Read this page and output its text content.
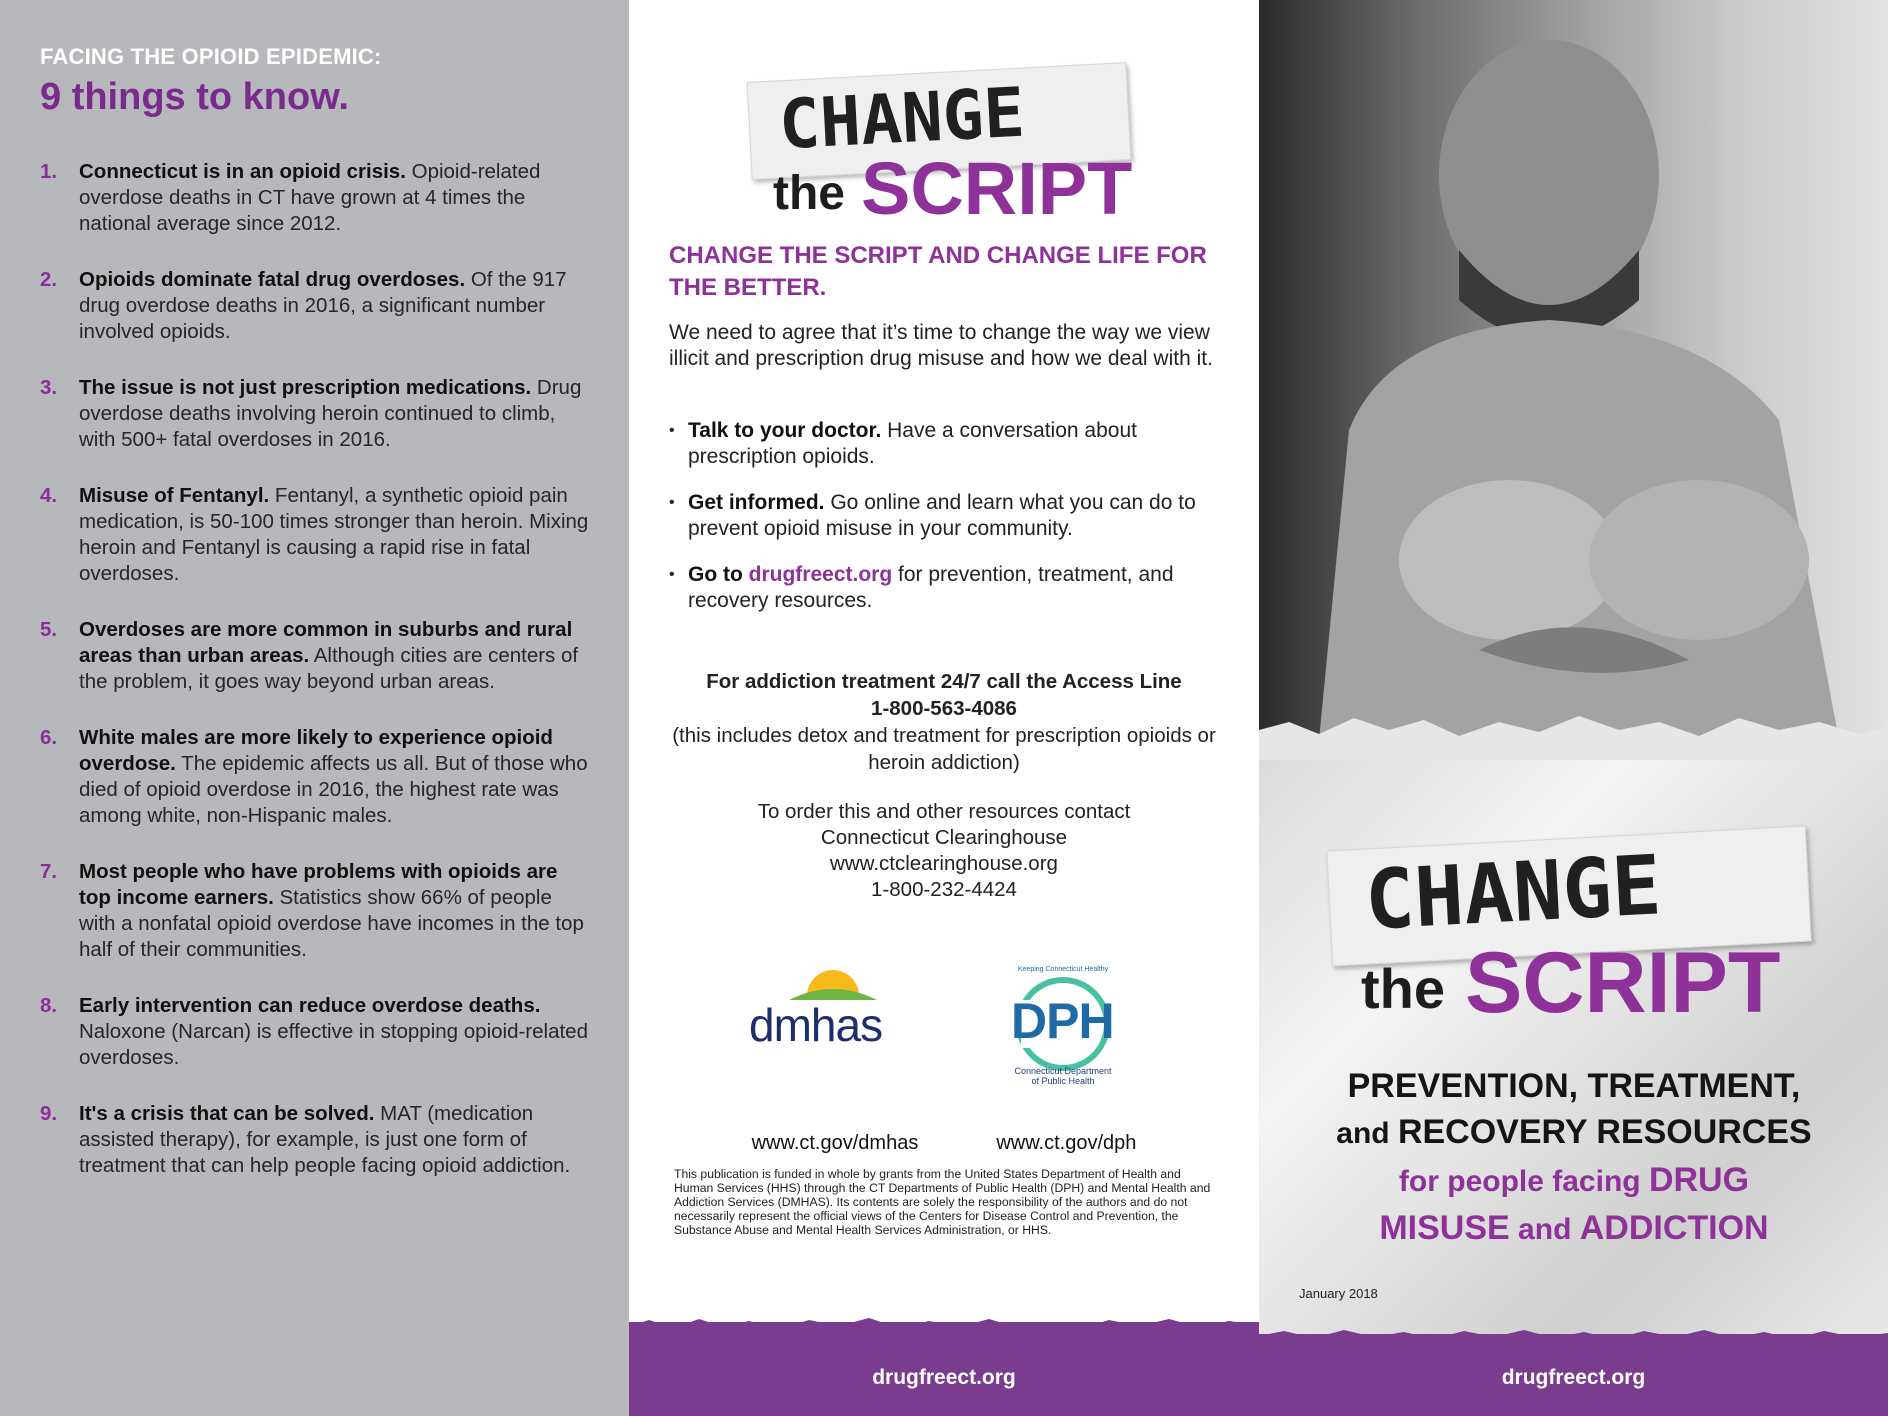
FACING THE OPIOID EPIDEMIC:
9 things to know.
1.	Connecticut is in an opioid crisis. Opioid-related overdose deaths in CT have grown at 4 times the national average since 2012.
2.	Opioids dominate fatal drug overdoses. Of the 917 drug overdose deaths in 2016, a significant number involved opioids.
3.	The issue is not just prescription medications. Drug overdose deaths involving heroin continued to climb, with 500+ fatal overdoses in 2016.
4.	Misuse of Fentanyl. Fentanyl, a synthetic opioid pain medication, is 50-100 times stronger than heroin. Mixing heroin and Fentanyl is causing a rapid rise in fatal overdoses.
5.	Overdoses are more common in suburbs and rural areas than urban areas. Although cities are centers of the problem, it goes way beyond urban areas.
6.	White males are more likely to experience opioid overdose. The epidemic affects us all. But of those who died of opioid overdose in 2016, the highest rate was among white, non-Hispanic males.
7.	Most people who have problems with opioids are top income earners. Statistics show 66% of people with a nonfatal opioid overdose have incomes in the top half of their communities.
8.	Early intervention can reduce overdose deaths. Naloxone (Narcan) is effective in stopping opioid-related overdoses.
9.	It's a crisis that can be solved. MAT (medication assisted therapy), for example, is just one form of treatment that can help people facing opioid addiction.
CHANGE
the SCRIPT
CHANGE THE SCRIPT AND CHANGE LIFE FOR THE BETTER.

We need to agree that it’s time to change the way we view illicit and prescription drug misuse and how we deal with it.

• Talk to your doctor. Have a conversation about prescription opioids.
• Get informed. Go online and learn what you can do to prevent opioid misuse in your community.
• Go to drugfreect.org for prevention, treatment, and recovery resources.
For addiction treatment 24/7 call the Access Line
1-800-563-4086
(this includes detox and treatment for prescription opioids or heroin addiction)
To order this and other resources contact
Connecticut Clearinghouse
www.ctclearinghouse.org
1-800-232-4424
dmhas
Keeping Connecticut Healthy
DPH
Connecticut Department
of Public Health
www.ct.gov/dmhas	www.ct.gov/dph

This publication is funded in whole by grants from the United States Department of Health and Human Services (HHS) through the CT Departments of Public Health (DPH) and Mental Health and Addiction Services (DMHAS). Its contents are solely the responsibility of the authors and do not necessarily represent the official views of the Centers for Disease Control and Prevention, the Substance Abuse and Mental Health Services Administration, or HHS.

drugfreect.org
CHANGE
the SCRIPT
PREVENTION, TREATMENT,
and RECOVERY RESOURCES
for people facing DRUG
MISUSE and ADDICTION
January 2018
drugfreect.org
